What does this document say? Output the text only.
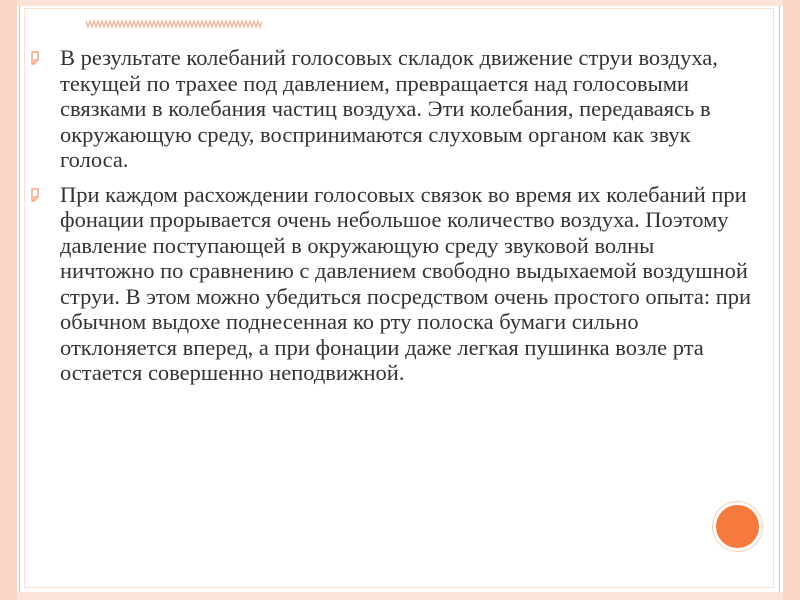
В результате колебаний голосовых складок движение струи воздуха, текущей по трахее под давлением, превращается над голосовыми связками в колебания частиц воздуха. Эти колебания, передаваясь в окружающую среду, воспринимаются слуховым органом как звук голоса.
При каждом расхождении голосовых связок во время их колебаний при фонации прорывается очень небольшое количество воздуха. Поэтому давление поступающей в окружающую среду звуковой волны ничтожно по сравнению с давлением свободно выдыхаемой воздушной струи. В этом можно убедиться посредством очень простого опыта: при обычном выдохе поднесенная ко рту полоска бумаги сильно отклоняется вперед, а при фонации даже легкая пушинка возле рта остается совершенно неподвижной.
